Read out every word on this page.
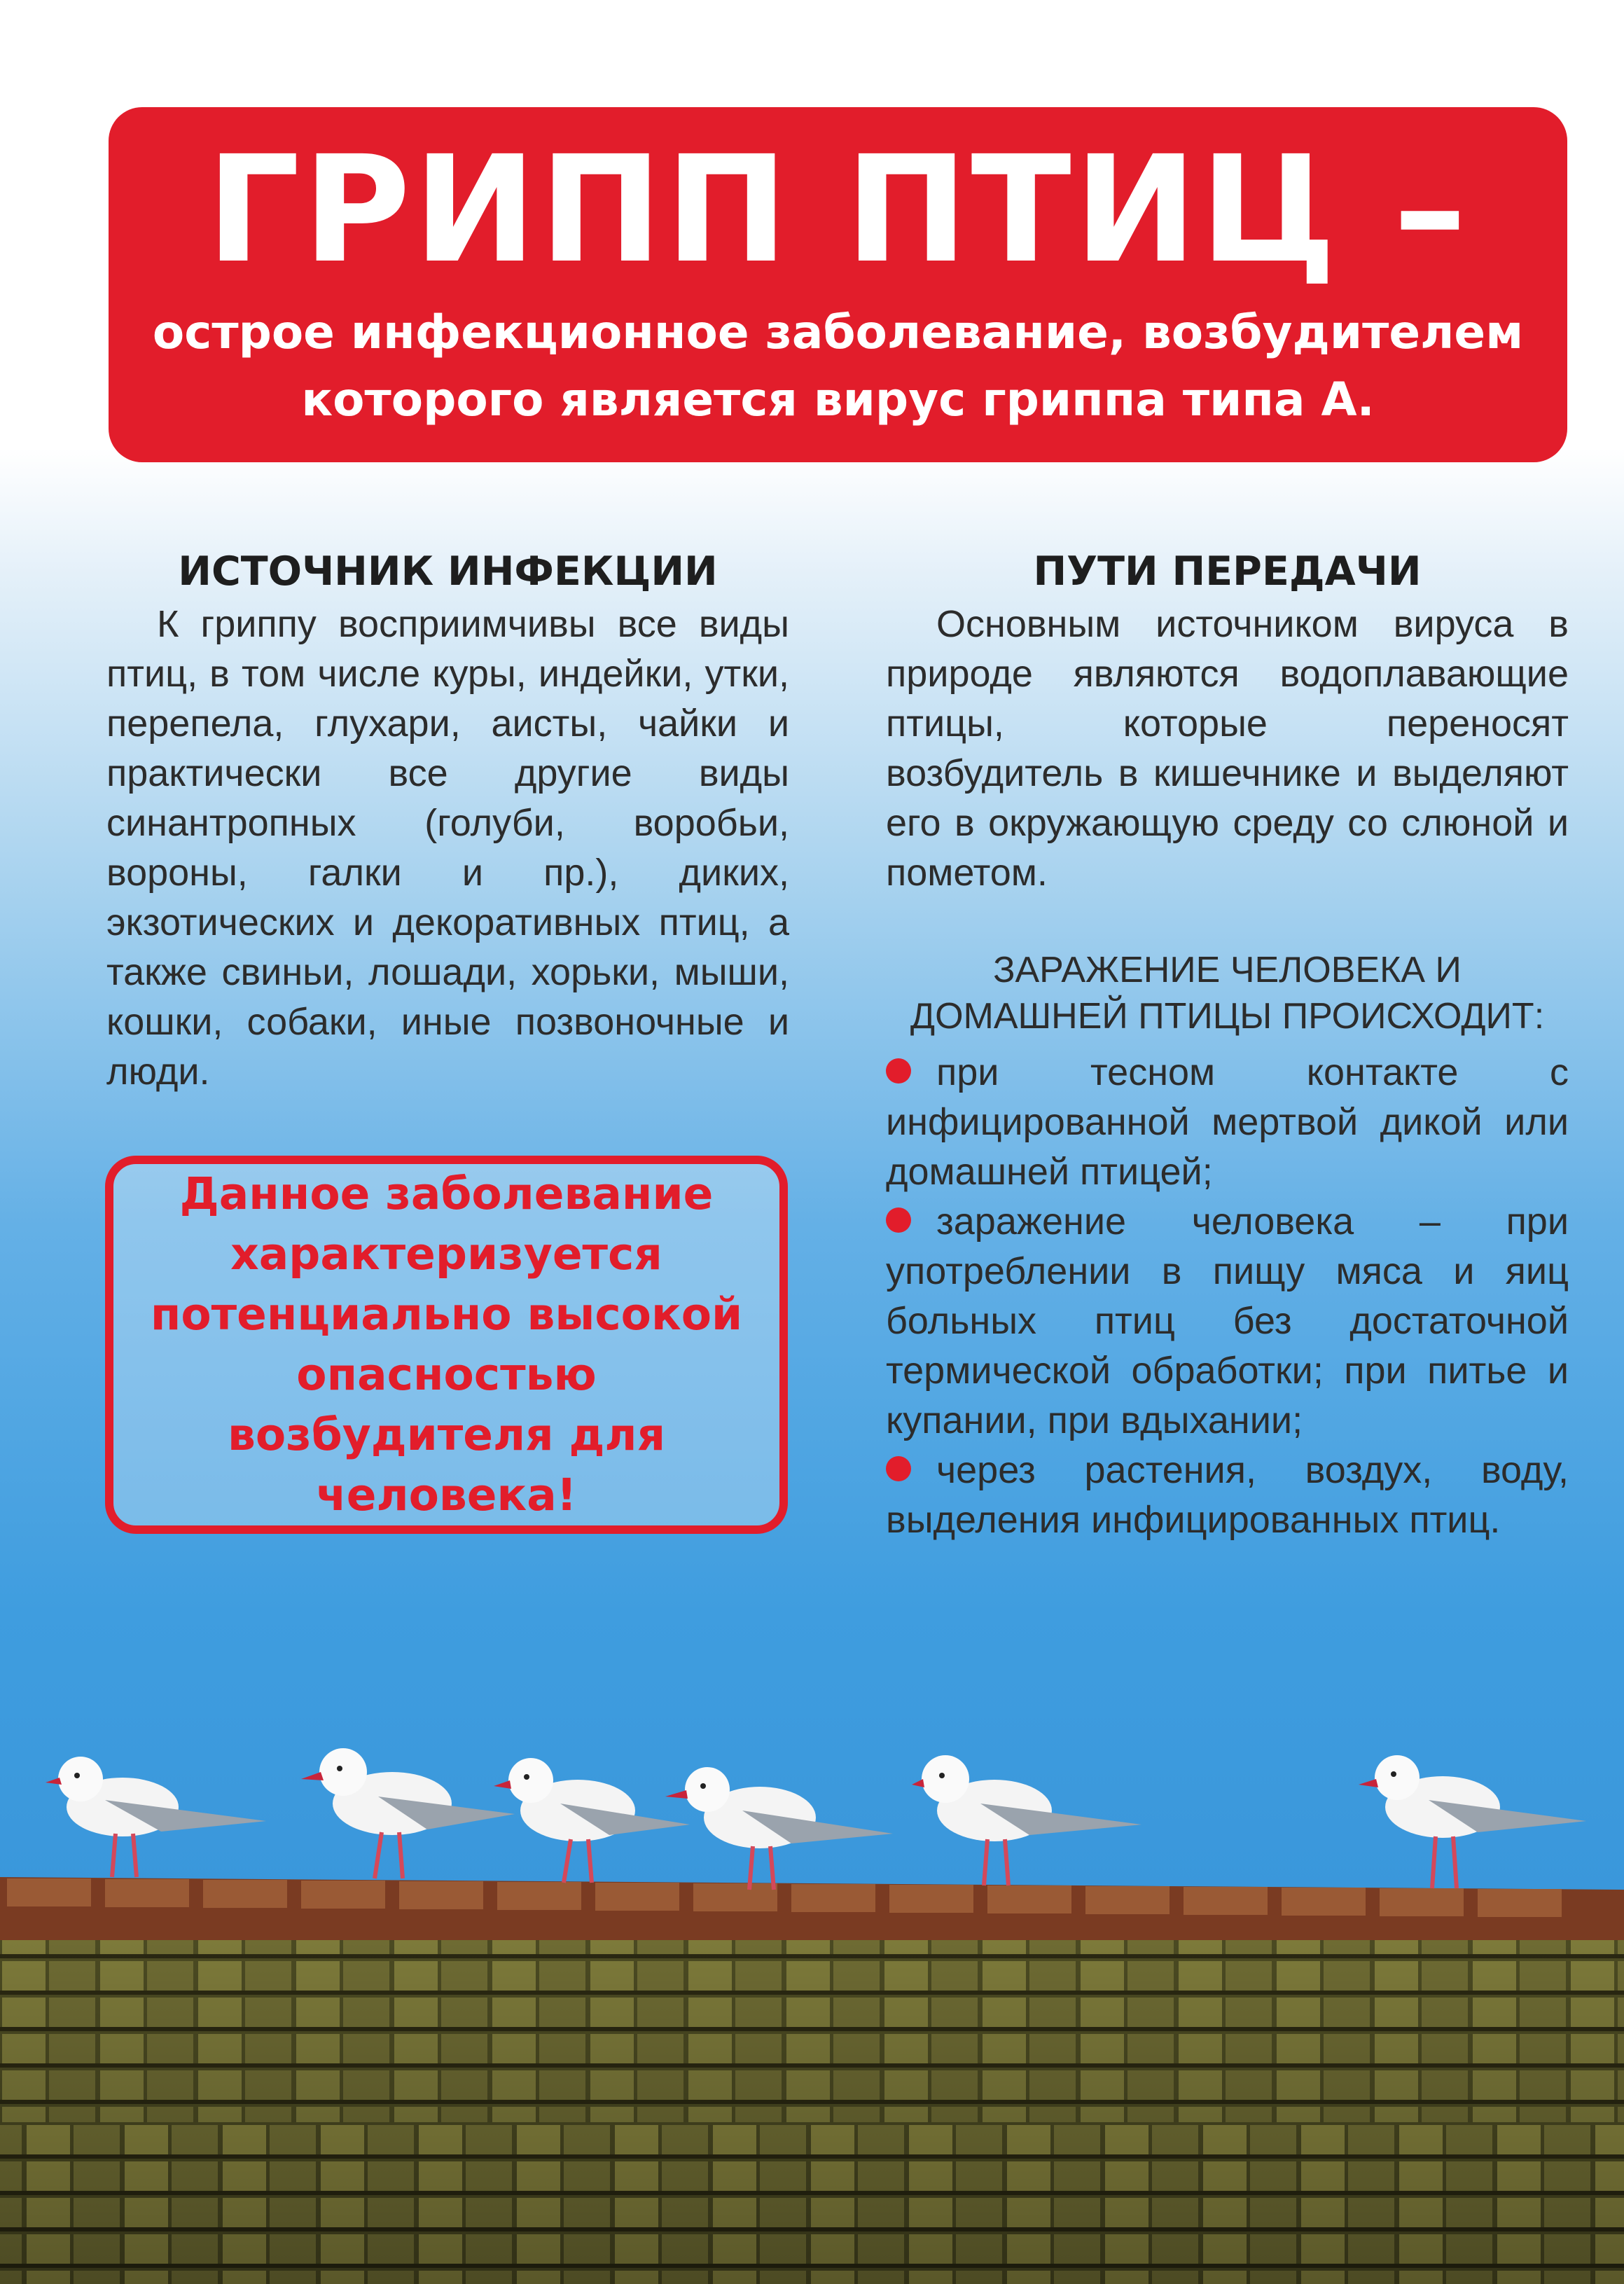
ГРИПП ПТИЦ –
острое инфекционное заболевание, возбудителем которого является вирус гриппа типа А.
ИСТОЧНИК ИНФЕКЦИИ

К гриппу восприимчивы все виды птиц, в том числе куры, индейки, утки, перепела, глухари, аисты, чайки и практически все другие виды синантропных (голуби, воробьи, вороны, галки и пр.), диких, экзотических и декоративных птиц, а также свиньи, лошади, хорьки, мыши, кошки, собаки, иные позвоночные и люди.

Данное заболевание характеризуется потенциально высокой опасностью возбудителя для человека!

ПУТИ ПЕРЕДАЧИ

Основным источником вируса в природе являются водоплавающие птицы, которые переносят возбудитель в кишечнике и выделяют его в окружающую среду со слюной и пометом.

ЗАРАЖЕНИЕ ЧЕЛОВЕКА И ДОМАШНЕЙ ПТИЦЫ ПРОИСХОДИТ:
при тесном контакте с инфицированной мертвой дикой или домашней птицей;
заражение человека – при употреблении в пищу мяса и яиц больных птиц без достаточной термической обработки; при питье и купании, при вдыхании;
через растения, воздух, воду, выделения инфицированных птиц.
